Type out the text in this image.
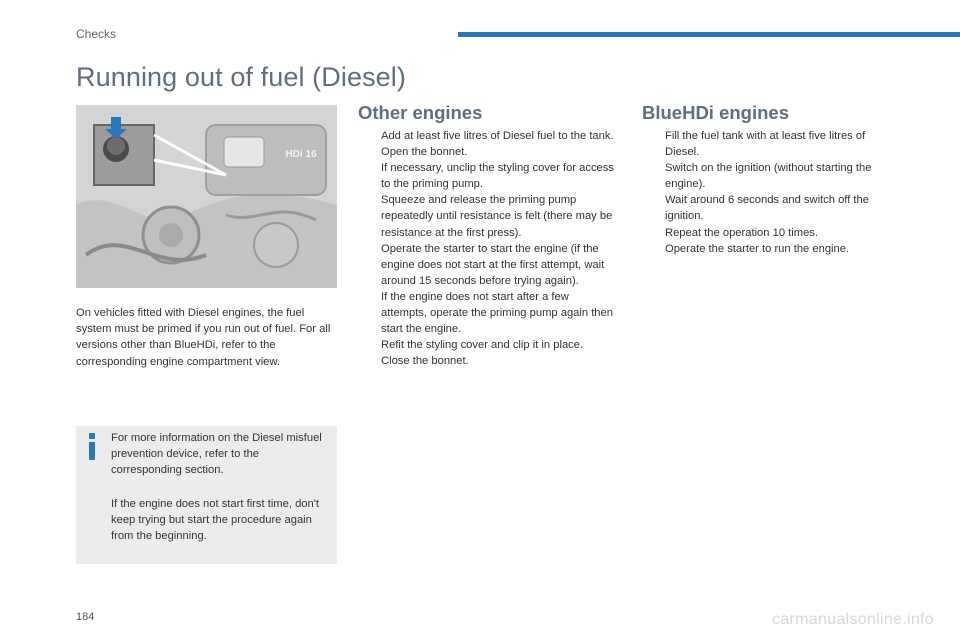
Checks
Running out of fuel (Diesel)
HDi 16

On vehicles fitted with Diesel engines, the fuel system must be primed if you run out of fuel. For all versions other than BlueHDi, refer to the corresponding engine compartment view.

For more information on the Diesel misfuel prevention device, refer to the corresponding section.

If the engine does not start first time, don't keep trying but start the procedure again from the beginning.

Other engines
Add at least five litres of Diesel fuel to the tank.
Open the bonnet.
If necessary, unclip the styling cover for access to the priming pump.
Squeeze and release the priming pump repeatedly until resistance is felt (there may be resistance at the first press).
Operate the starter to start the engine (if the engine does not start at the first attempt, wait around 15 seconds before trying again).
If the engine does not start after a few attempts, operate the priming pump again then start the engine.
Refit the styling cover and clip it in place.
Close the bonnet.
BlueHDi engines
Fill the fuel tank with at least five litres of Diesel.
Switch on the ignition (without starting the engine).
Wait around 6 seconds and switch off the ignition.
Repeat the operation 10 times.
Operate the starter to run the engine.
184	carmanualsonline.info
